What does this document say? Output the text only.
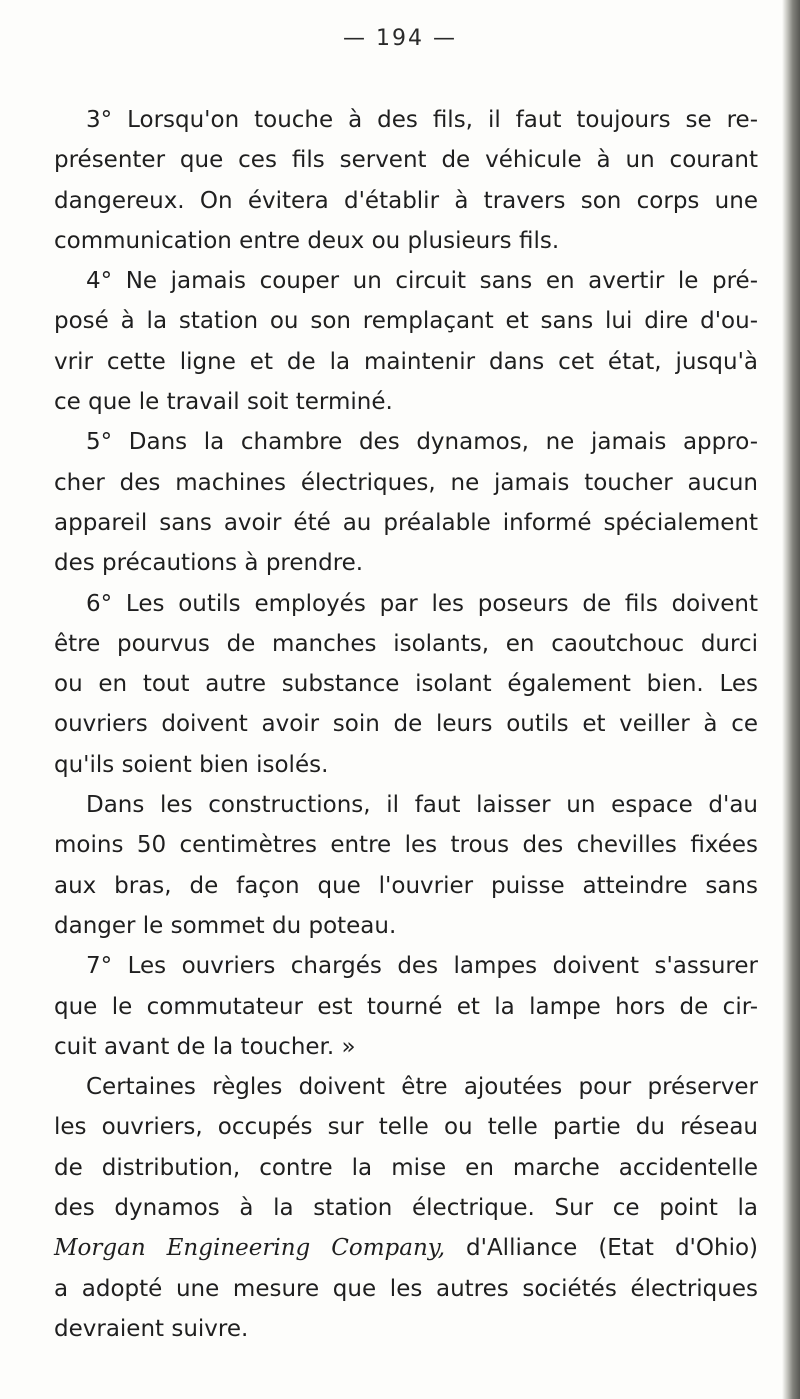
— 194 —
3° Lorsqu'on touche à des fils, il faut toujours se re-
présenter que ces fils servent de véhicule à un courant
dangereux. On évitera d'établir à travers son corps une
communication entre deux ou plusieurs fils.
4° Ne jamais couper un circuit sans en avertir le pré-
posé à la station ou son remplaçant et sans lui dire d'ou-
vrir cette ligne et de la maintenir dans cet état, jusqu'à
ce que le travail soit terminé.
5° Dans la chambre des dynamos, ne jamais appro-
cher des machines électriques, ne jamais toucher aucun
appareil sans avoir été au préalable informé spécialement
des précautions à prendre.
6° Les outils employés par les poseurs de fils doivent
être pourvus de manches isolants, en caoutchouc durci
ou en tout autre substance isolant également bien. Les
ouvriers doivent avoir soin de leurs outils et veiller à ce
qu'ils soient bien isolés.
Dans les constructions, il faut laisser un espace d'au
moins 50 centimètres entre les trous des chevilles fixées
aux bras, de façon que l'ouvrier puisse atteindre sans
danger le sommet du poteau.
7° Les ouvriers chargés des lampes doivent s'assurer
que le commutateur est tourné et la lampe hors de cir-
cuit avant de la toucher. »
Certaines règles doivent être ajoutées pour préserver
les ouvriers, occupés sur telle ou telle partie du réseau
de distribution, contre la mise en marche accidentelle
des dynamos à la station électrique. Sur ce point la
Morgan Engineering Company, d'Alliance (Etat d'Ohio)
a adopté une mesure que les autres sociétés électriques
devraient suivre.
